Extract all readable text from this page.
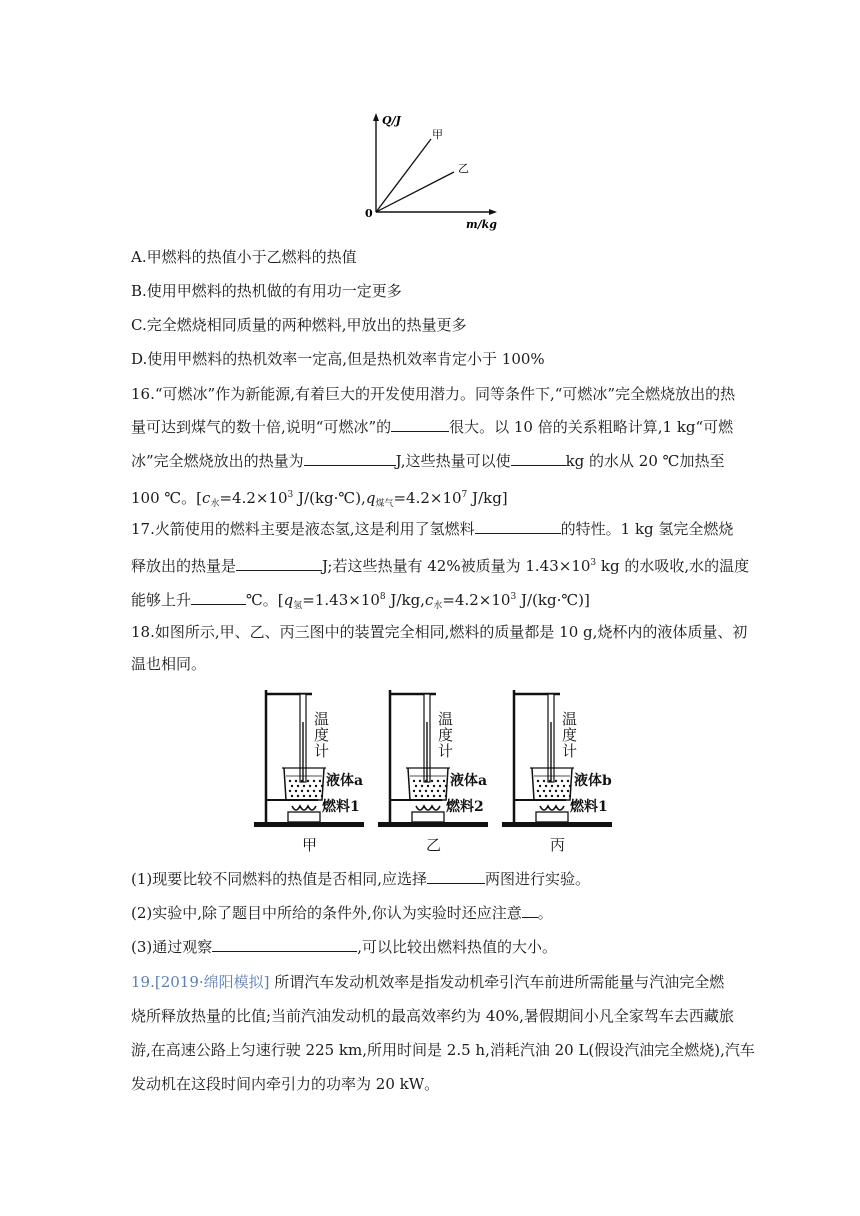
Q/J
m/kg
0
甲
乙
A.甲燃料的热值小于乙燃料的热值
B.使用甲燃料的热机做的有用功一定更多
C.完全燃烧相同质量的两种燃料,甲放出的热量更多
D.使用甲燃料的热机效率一定高,但是热机效率肯定小于 100%
16.“可燃冰”作为新能源,有着巨大的开发使用潜力。同等条件下,“可燃冰”完全燃烧放出的热
量可达到煤气的数十倍,说明“可燃冰”的	很大。以 10 倍的关系粗略计算,1 kg“可燃
冰”完全燃烧放出的热量为	J,这些热量可以使	kg 的水从 20 ℃加热至
100 ℃。[$c_水=4.2\times 10^3$ $J/(kg\cdot℃),q_{煤气}=4.2\times 10^7$ J/kg]
17.火箭使用的燃料主要是液态氢,这是利用了氢燃料	的特性。1 kg 氢完全燃烧
释放出的热量是	J;若这些热量有 42%被质量为 $1.43\times 10^3$ kg 的水吸收,水的温度
能够上升	℃。[$q_氢=1.43\times 10^8$ $J/kg,c_水=4.2\times 10^3$ J/(kg·℃)]
18.如图所示,甲、乙、丙三图中的装置完全相同,燃料的质量都是 10 g,烧杯内的液体质量、初
温也相同。
温
度
计
液体a
燃料1
甲
温
度
计
液体a
燃料2
乙
温
度
计
液体b
燃料1
丙
(1)现要比较不同燃料的热值是否相同,应选择	两图进行实验。
(2)实验中,除了题目中所给的条件外,你认为实验时还应注意 。
(3)通过观察	,可以比较出燃料热值的大小。
19.[2019·绵阳模拟] 所谓汽车发动机效率是指发动机牵引汽车前进所需能量与汽油完全燃
烧所释放热量的比值;当前汽油发动机的最高效率约为 40%,暑假期间小凡全家驾车去西藏旅
游,在高速公路上匀速行驶 225 km,所用时间是 2.5 h,消耗汽油 20 L(假设汽油完全燃烧),汽车
发动机在这段时间内牵引力的功率为 20 kW。
